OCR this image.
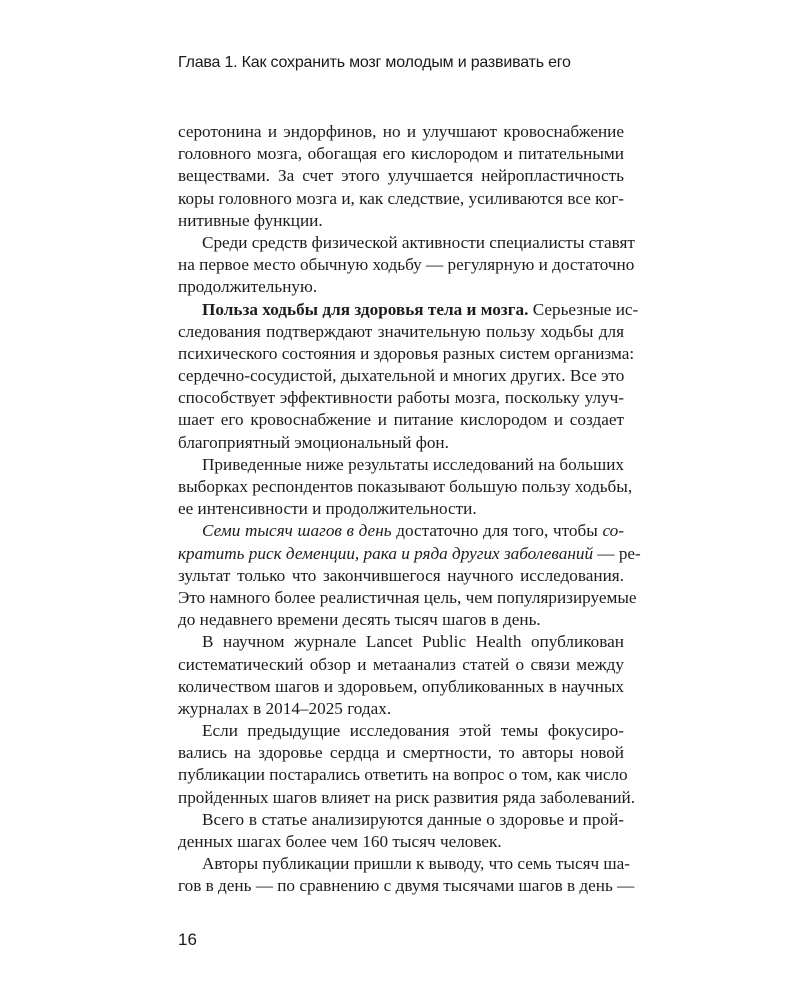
Глава 1. Как сохранить мозг молодым и развивать его
серотонина и эндорфинов, но и улучшают кровоснабжение
головного мозга, обогащая его кислородом и питательными
веществами. За счет этого улучшается нейропластичность
коры головного мозга и, как следствие, усиливаются все ког-
нитивные функции.
Среди средств физической активности специалисты ставят
на первое место обычную ходьбу — регулярную и достаточно
продолжительную.
Польза ходьбы для здоровья тела и мозга. Серьезные ис-
следования подтверждают значительную пользу ходьбы для
психического состояния и здоровья разных систем организма:
сердечно-сосудистой, дыхательной и многих других. Все это
способствует эффективности работы мозга, поскольку улуч-
шает его кровоснабжение и питание кислородом и создает
благоприятный эмоциональный фон.
Приведенные ниже результаты исследований на больших
выборках респондентов показывают большую пользу ходьбы,
ее интенсивности и продолжительности.
Семи тысяч шагов в день достаточно для того, чтобы со-
кратить риск деменции, рака и ряда других заболеваний — ре-
зультат только что закончившегося научного исследования.
Это намного более реалистичная цель, чем популяризируемые
до недавнего времени десять тысяч шагов в день.
В научном журнале Lancet Public Health опубликован
систематический обзор и метаанализ статей о связи между
количеством шагов и здоровьем, опубликованных в научных
журналах в 2014–2025 годах.
Если предыдущие исследования этой темы фокусиро-
вались на здоровье сердца и смертности, то авторы новой
публикации постарались ответить на вопрос о том, как число
пройденных шагов влияет на риск развития ряда заболеваний.
Всего в статье анализируются данные о здоровье и прой-
денных шагах более чем 160 тысяч человек.
Авторы публикации пришли к выводу, что семь тысяч ша-
гов в день — по сравнению с двумя тысячами шагов в день —
16
